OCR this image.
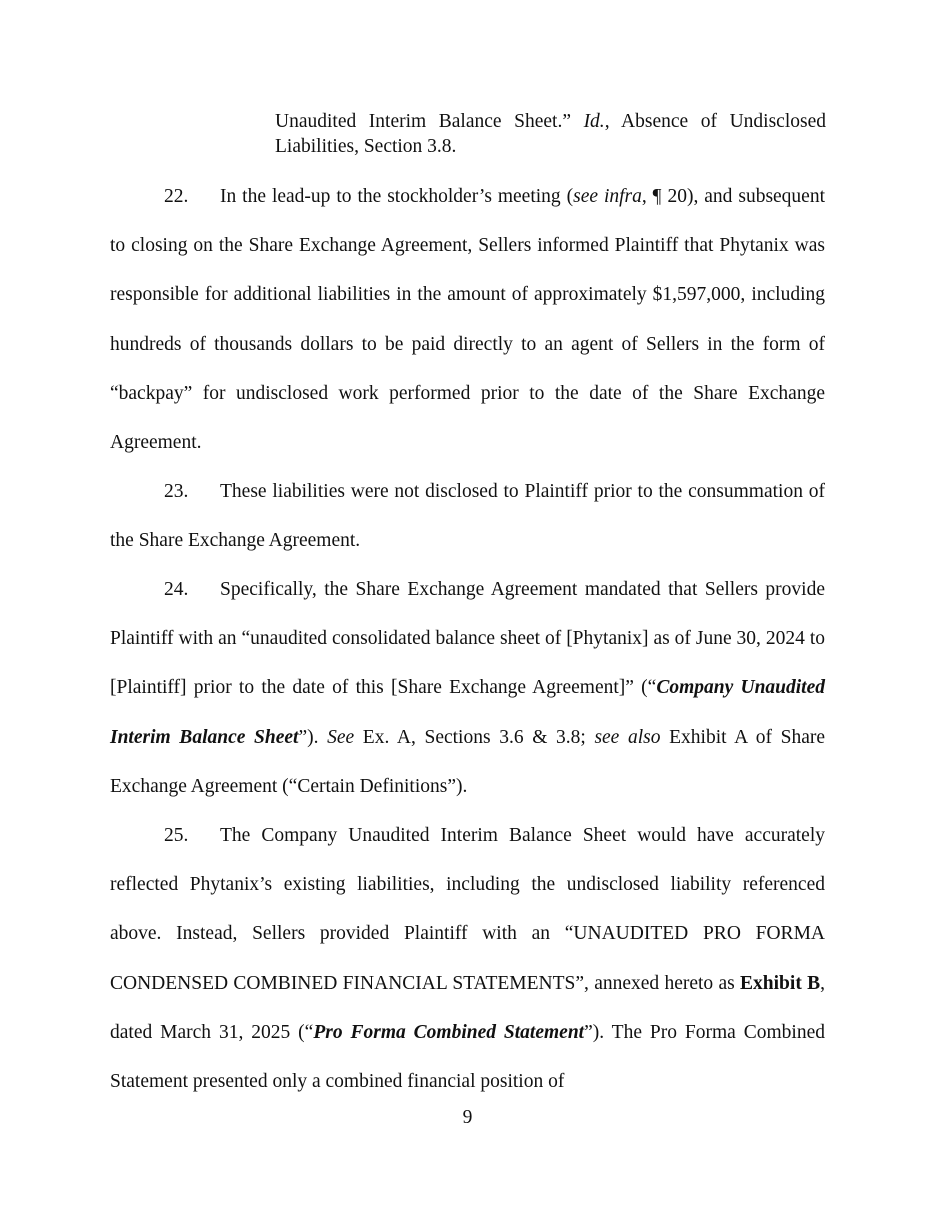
Unaudited Interim Balance Sheet.” Id., Absence of Undisclosed Liabilities, Section 3.8.
22. In the lead-up to the stockholder’s meeting (see infra, ¶ 20), and subsequent to closing on the Share Exchange Agreement, Sellers informed Plaintiff that Phytanix was responsible for additional liabilities in the amount of approximately $1,597,000, including hundreds of thousands dollars to be paid directly to an agent of Sellers in the form of “backpay” for undisclosed work performed prior to the date of the Share Exchange Agreement.
23. These liabilities were not disclosed to Plaintiff prior to the consummation of the Share Exchange Agreement.
24. Specifically, the Share Exchange Agreement mandated that Sellers provide Plaintiff with an “unaudited consolidated balance sheet of [Phytanix] as of June 30, 2024 to [Plaintiff] prior to the date of this [Share Exchange Agreement]” (“Company Unaudited Interim Balance Sheet”). See Ex. A, Sections 3.6 & 3.8; see also Exhibit A of Share Exchange Agreement (“Certain Definitions”).
25. The Company Unaudited Interim Balance Sheet would have accurately reflected Phytanix’s existing liabilities, including the undisclosed liability referenced above. Instead, Sellers provided Plaintiff with an “UNAUDITED PRO FORMA CONDENSED COMBINED FINANCIAL STATEMENTS”, annexed hereto as Exhibit B, dated March 31, 2025 (“Pro Forma Combined Statement”). The Pro Forma Combined Statement presented only a combined financial position of
9
